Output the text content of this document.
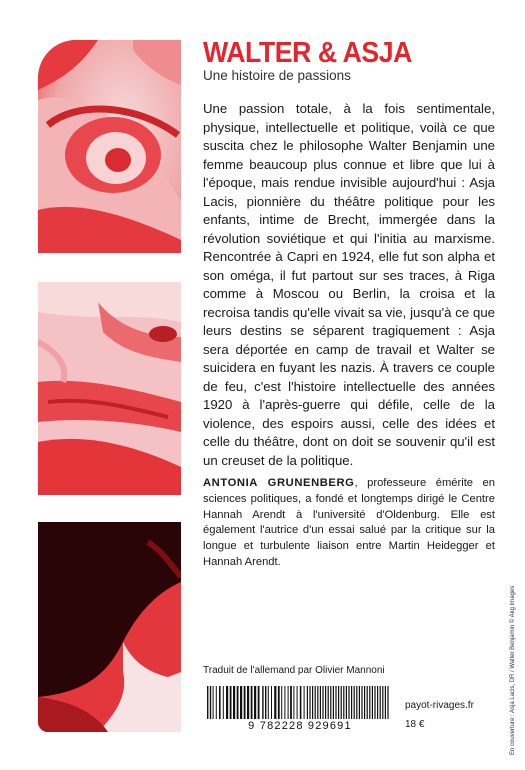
WALTER & ASJA

Une histoire de passions

Une passion totale, à la fois sentimentale, physique, intellectuelle et politique, voilà ce que suscita chez le philosophe Walter Benjamin une femme beaucoup plus connue et libre que lui à l'époque, mais rendue invisible aujourd'hui : Asja Lacis, pionnière du théâtre politique pour les enfants, intime de Brecht, immergée dans la révolution soviétique et qui l'initia au marxisme. Rencontrée à Capri en 1924, elle fut son alpha et son oméga, il fut partout sur ses traces, à Riga comme à Moscou ou Berlin, la croisa et la recroisa tandis qu'elle vivait sa vie, jusqu'à ce que leurs destins se séparent tragiquement : Asja sera déportée en camp de travail et Walter se suicidera en fuyant les nazis. À travers ce couple de feu, c'est l'histoire intellectuelle des années 1920 à l'après-guerre qui défile, celle de la violence, des espoirs aussi, celle des idées et celle du théâtre, dont on doit se souvenir qu'il est un creuset de la politique.

ANTONIA GRUNENBERG, professeure émérite en sciences politiques, a fondé et longtemps dirigé le Centre Hannah Arendt à l'université d'Oldenburg. Elle est également l'autrice d'un essai salué par la critique sur la longue et turbulente liaison entre Martin Heidegger et Hannah Arendt.

Traduit de l'allemand par Olivier Mannoni

9 782228 929691

payot-rivages.fr

18 €	En couverture : Asja Lacis, DR / Walter Benjamin © Akg Images
